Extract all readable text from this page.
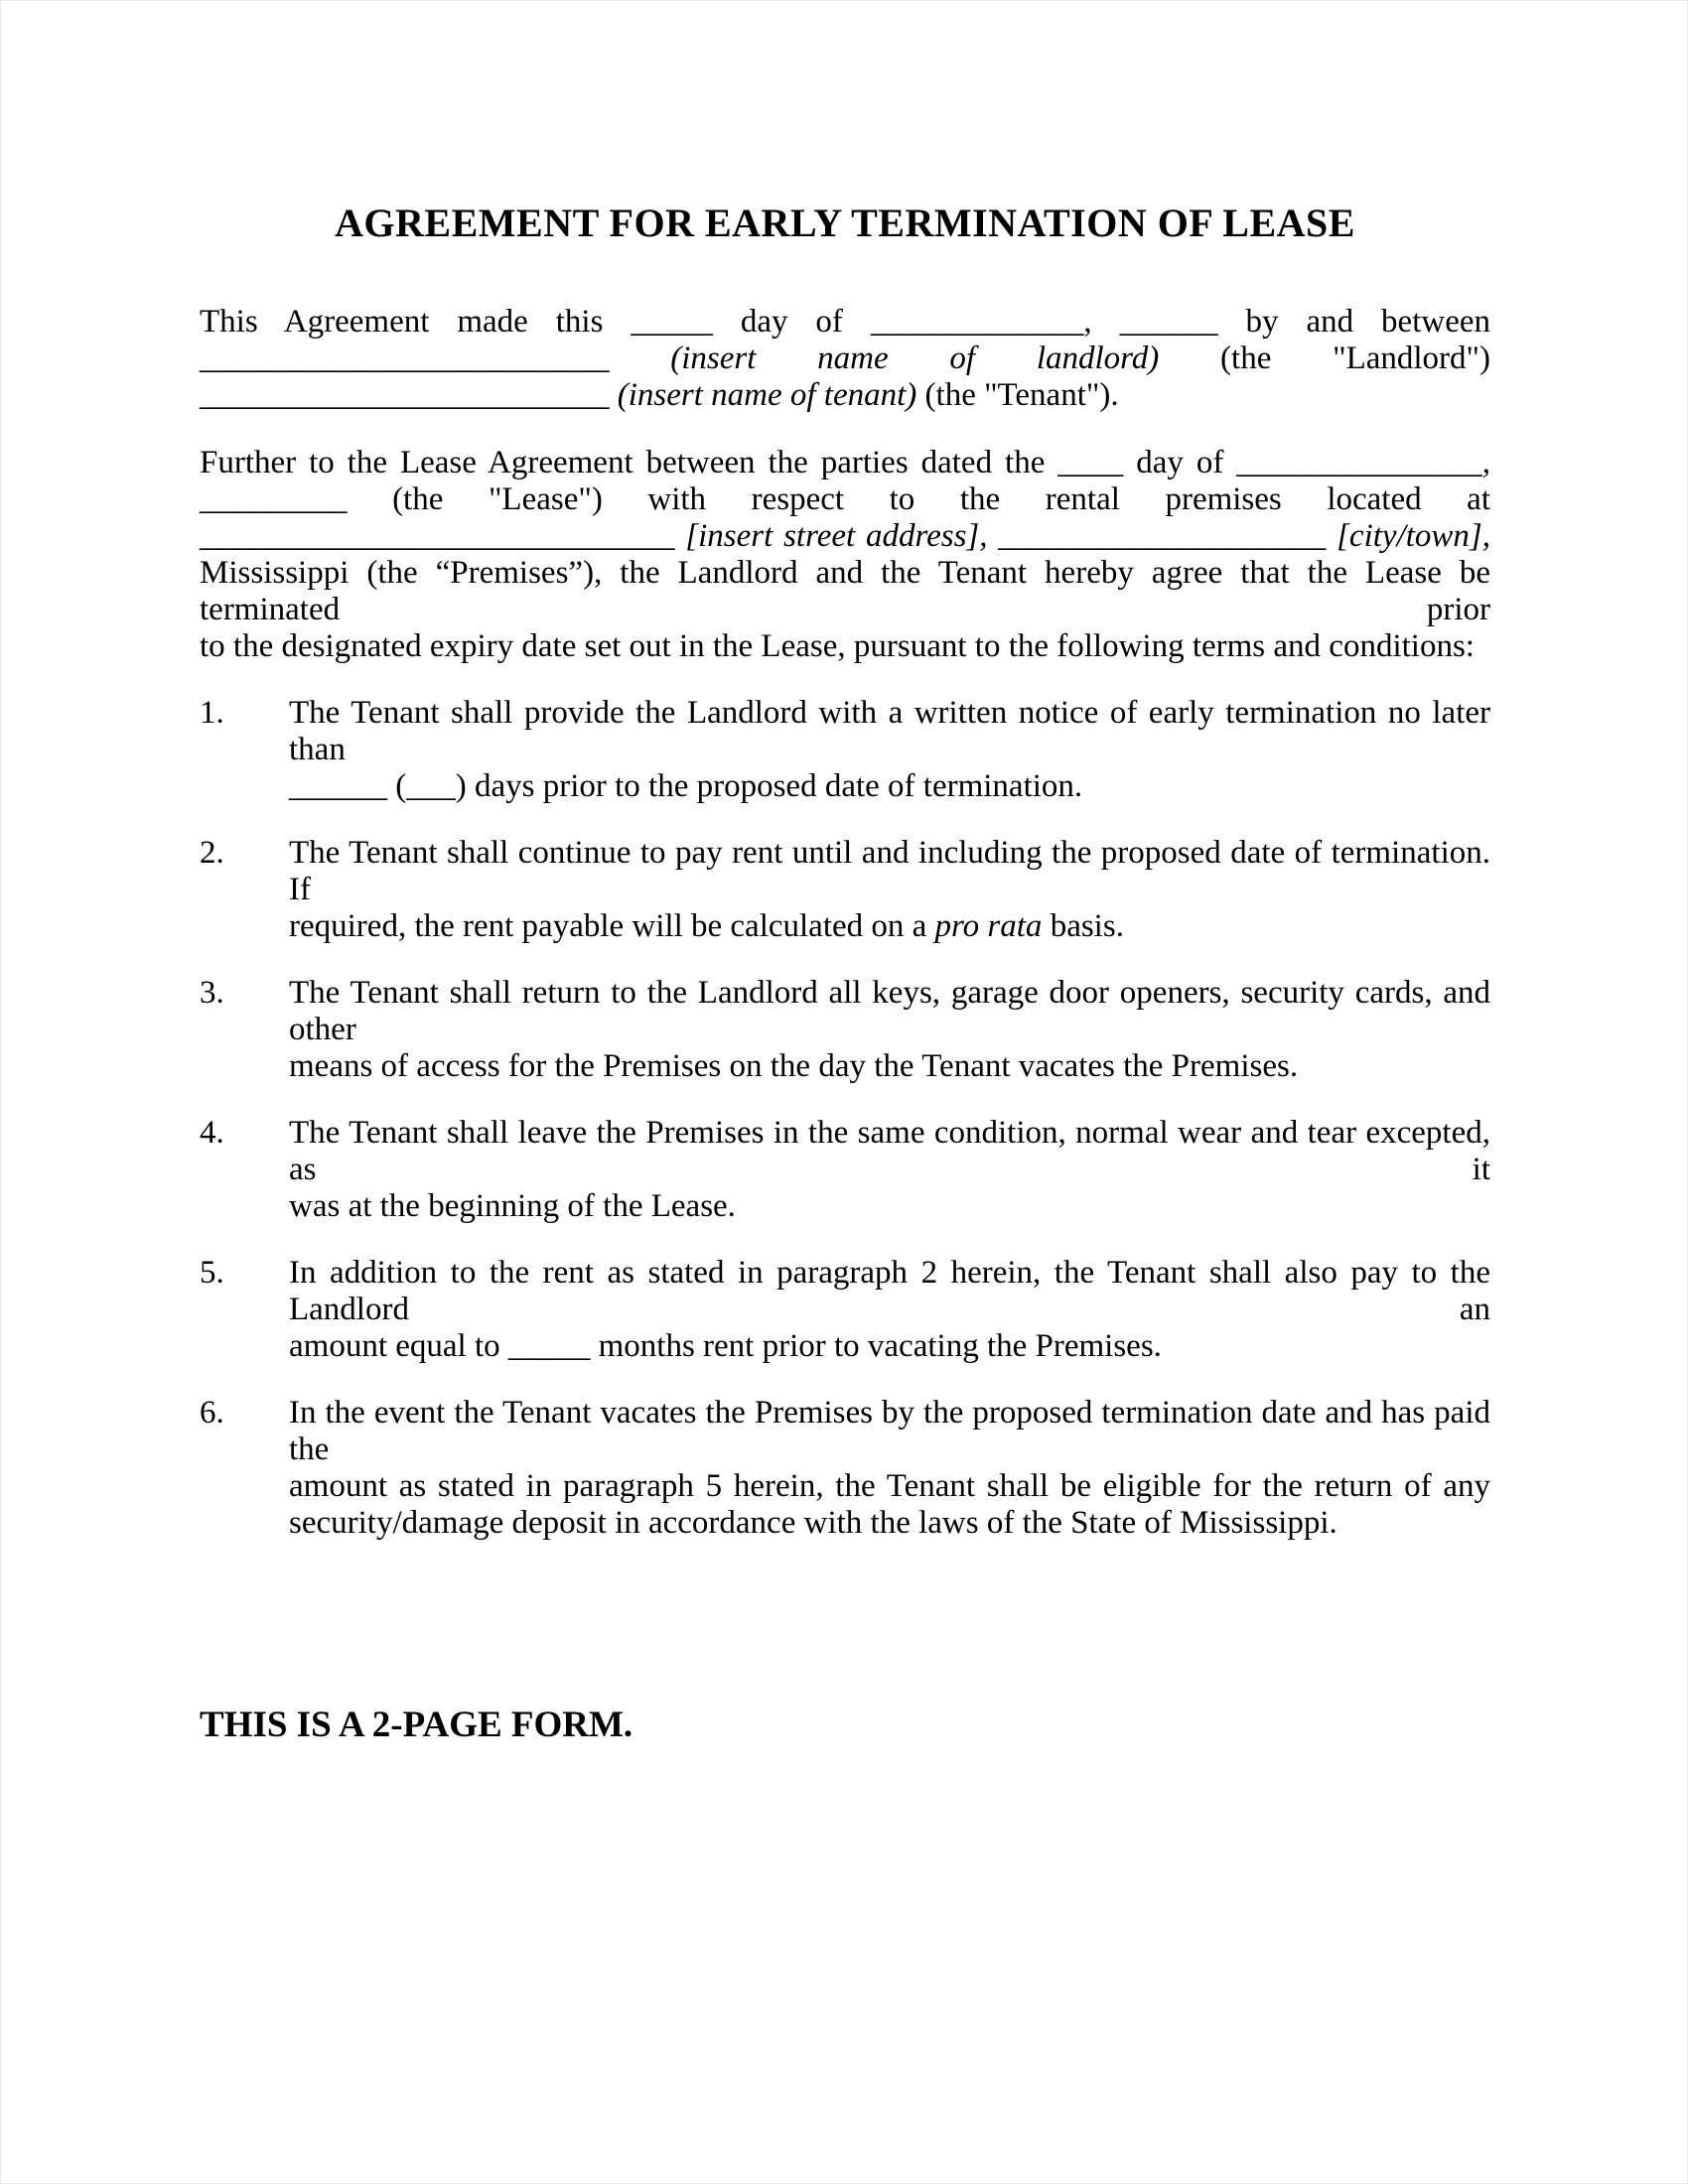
AGREEMENT FOR EARLY TERMINATION OF LEASE
This Agreement made this _____ day of _____________, ______ by and between
_________________________ (insert name of landlord) (the "Landlord")
_________________________ (insert name of tenant) (the "Tenant").
Further to the Lease Agreement between the parties dated the ____ day of _______________,
_________ (the "Lease") with respect to the rental premises located at
_____________________________ [insert street address], ____________________ [city/town],
Mississippi (the “Premises”), the Landlord and the Tenant hereby agree that the Lease be terminated prior
to the designated expiry date set out in the Lease, pursuant to the following terms and conditions:
1. The Tenant shall provide the Landlord with a written notice of early termination no later than
______ (___) days prior to the proposed date of termination.
2. The Tenant shall continue to pay rent until and including the proposed date of termination. If
required, the rent payable will be calculated on a pro rata basis.
3. The Tenant shall return to the Landlord all keys, garage door openers, security cards, and other
means of access for the Premises on the day the Tenant vacates the Premises.
4. The Tenant shall leave the Premises in the same condition, normal wear and tear excepted, as it
was at the beginning of the Lease.
5. In addition to the rent as stated in paragraph 2 herein, the Tenant shall also pay to the Landlord an
amount equal to _____ months rent prior to vacating the Premises.
6. In the event the Tenant vacates the Premises by the proposed termination date and has paid the
amount as stated in paragraph 5 herein, the Tenant shall be eligible for the return of any
security/damage deposit in accordance with the laws of the State of Mississippi.

THIS IS A 2-PAGE FORM.
